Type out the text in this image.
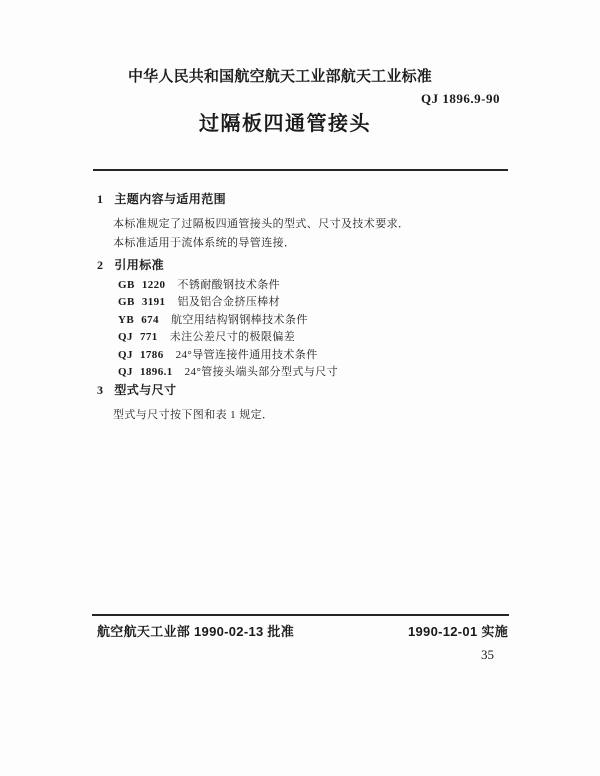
中华人民共和国航空航天工业部航天工业标准
QJ 1896.9-90
过隔板四通管接头
1 主题内容与适用范围
本标准规定了过隔板四通管接头的型式、尺寸及技术要求．
本标准适用于流体系统的导管连接．
2 引用标准
GB 1220 不锈耐酸钢技术条件
GB 3191 铝及铝合金挤压棒材
YB 674 航空用结构钢钢棒技术条件
QJ 771 未注公差尺寸的极限偏差
QJ 1786 24°导管连接件通用技术条件
QJ 1896.1 24°管接头端头部分型式与尺寸
3 型式与尺寸
型式与尺寸按下图和表 1 规定．
航空航天工业部 1990-02-13 批准	1990-12-01 实施
35
